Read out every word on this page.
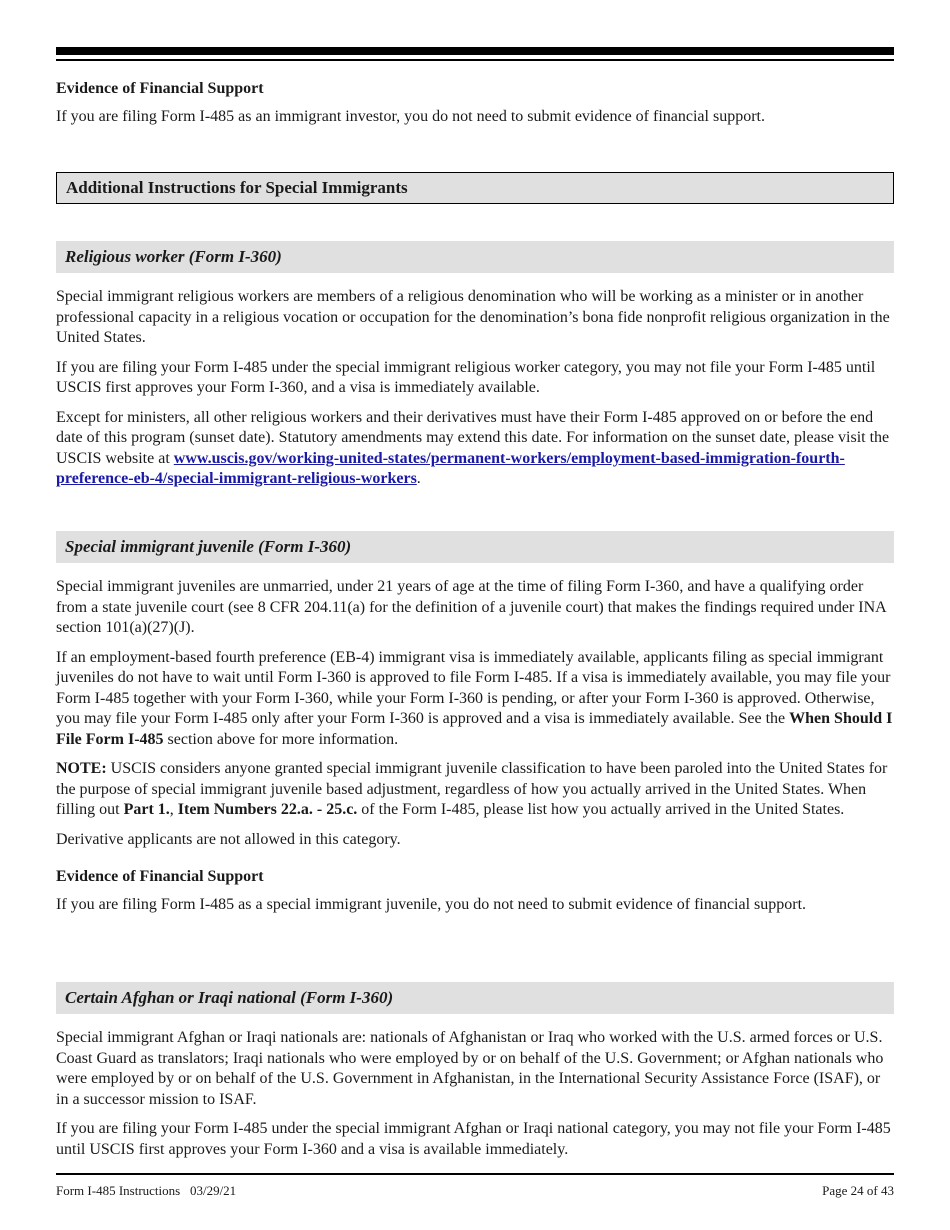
Evidence of Financial Support

If you are filing Form I-485 as an immigrant investor, you do not need to submit evidence of financial support.

Additional Instructions for Special Immigrants
Religious worker (Form I-360)

Special immigrant religious workers are members of a religious denomination who will be working as a minister or in another professional capacity in a religious vocation or occupation for the denomination’s bona fide nonprofit religious organization in the United States.

If you are filing your Form I-485 under the special immigrant religious worker category, you may not file your Form I-485 until USCIS first approves your Form I-360, and a visa is immediately available.

Except for ministers, all other religious workers and their derivatives must have their Form I-485 approved on or before the end date of this program (sunset date). Statutory amendments may extend this date. For information on the sunset date, please visit the USCIS website at www.uscis.gov/working-united-states/permanent-workers/employment-based-immigration-fourth-preference-eb-4/special-immigrant-religious-workers.

Special immigrant juvenile (Form I-360)

Special immigrant juveniles are unmarried, under 21 years of age at the time of filing Form I-360, and have a qualifying order from a state juvenile court (see 8 CFR 204.11(a) for the definition of a juvenile court) that makes the findings required under INA section 101(a)(27)(J).

If an employment-based fourth preference (EB-4) immigrant visa is immediately available, applicants filing as special immigrant juveniles do not have to wait until Form I-360 is approved to file Form I-485. If a visa is immediately available, you may file your Form I-485 together with your Form I-360, while your Form I-360 is pending, or after your Form I-360 is approved. Otherwise, you may file your Form I-485 only after your Form I-360 is approved and a visa is immediately available. See the When Should I File Form I-485 section above for more information.

NOTE: USCIS considers anyone granted special immigrant juvenile classification to have been paroled into the United States for the purpose of special immigrant juvenile based adjustment, regardless of how you actually arrived in the United States. When filling out Part 1., Item Numbers 22.a. - 25.c. of the Form I-485, please list how you actually arrived in the United States.

Derivative applicants are not allowed in this category.

Evidence of Financial Support

If you are filing Form I-485 as a special immigrant juvenile, you do not need to submit evidence of financial support.

Certain Afghan or Iraqi national (Form I-360)

Special immigrant Afghan or Iraqi nationals are: nationals of Afghanistan or Iraq who worked with the U.S. armed forces or U.S. Coast Guard as translators; Iraqi nationals who were employed by or on behalf of the U.S. Government; or Afghan nationals who were employed by or on behalf of the U.S. Government in Afghanistan, in the International Security Assistance Force (ISAF), or in a successor mission to ISAF.

If you are filing your Form I-485 under the special immigrant Afghan or Iraqi national category, you may not file your Form I-485 until USCIS first approves your Form I-360 and a visa is available immediately.

Form I-485 Instructions   03/29/21	Page 24 of 43
